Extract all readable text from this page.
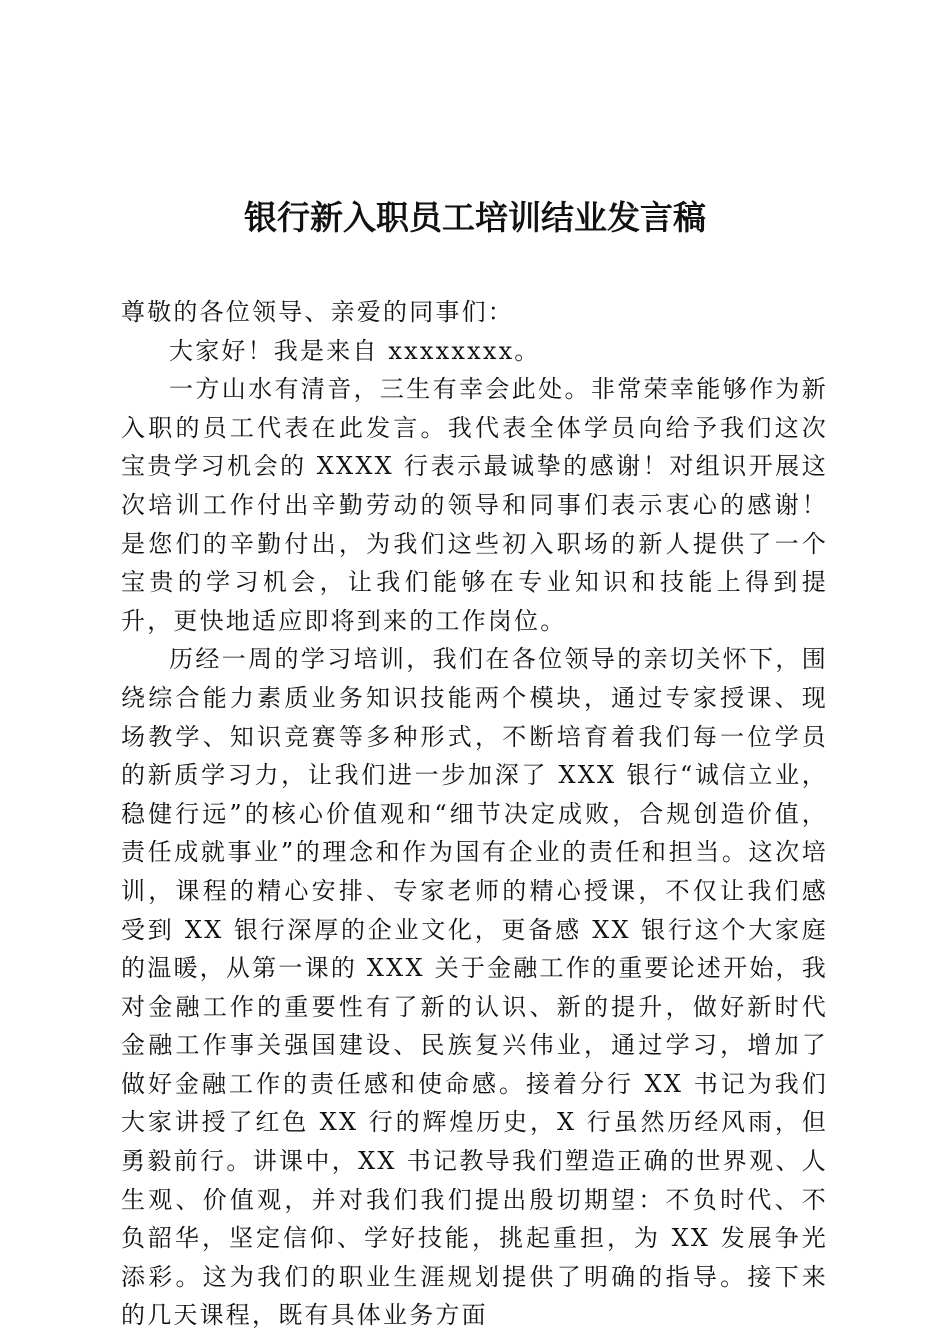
银行新入职员工培训结业发言稿

尊敬的各位领导、亲爱的同事们：

大家好！我是来自 xxxxxxxx。

一方山水有清音，三生有幸会此处。非常荣幸能够作为新入职的员工代表在此发言。我代表全体学员向给予我们这次宝贵学习机会的 XXXX 行表示最诚挚的感谢！对组识开展这次培训工作付出辛勤劳动的领导和同事们表示衷心的感谢！是您们的辛勤付出，为我们这些初入职场的新人提供了一个宝贵的学习机会，让我们能够在专业知识和技能上得到提升，更快地适应即将到来的工作岗位。

历经一周的学习培训，我们在各位领导的亲切关怀下，围绕综合能力素质业务知识技能两个模块，通过专家授课、现场教学、知识竞赛等多种形式，不断培育着我们每一位学员的新质学习力，让我们进一步加深了 XXX 银行“诚信立业，稳健行远”的核心价值观和“细节决定成败，合规创造价值，责任成就事业”的理念和作为国有企业的责任和担当。这次培训，课程的精心安排、专家老师的精心授课，不仅让我们感受到 XX 银行深厚的企业文化，更备感 XX 银行这个大家庭的温暖，从第一课的 XXX 关于金融工作的重要论述开始，我对金融工作的重要性有了新的认识、新的提升，做好新时代金融工作事关强国建设、民族复兴伟业，通过学习，增加了做好金融工作的责任感和使命感。接着分行 XX 书记为我们大家讲授了红色 XX 行的辉煌历史，X 行虽然历经风雨，但勇毅前行。讲课中，XX 书记教导我们塑造正确的世界观、人生观、价值观，并对我们我们提出殷切期望：不负时代、不负韶华，坚定信仰、学好技能，挑起重担，为 XX 发展争光添彩。这为我们的职业生涯规划提供了明确的指导。接下来的几天课程，既有具体业务方面
